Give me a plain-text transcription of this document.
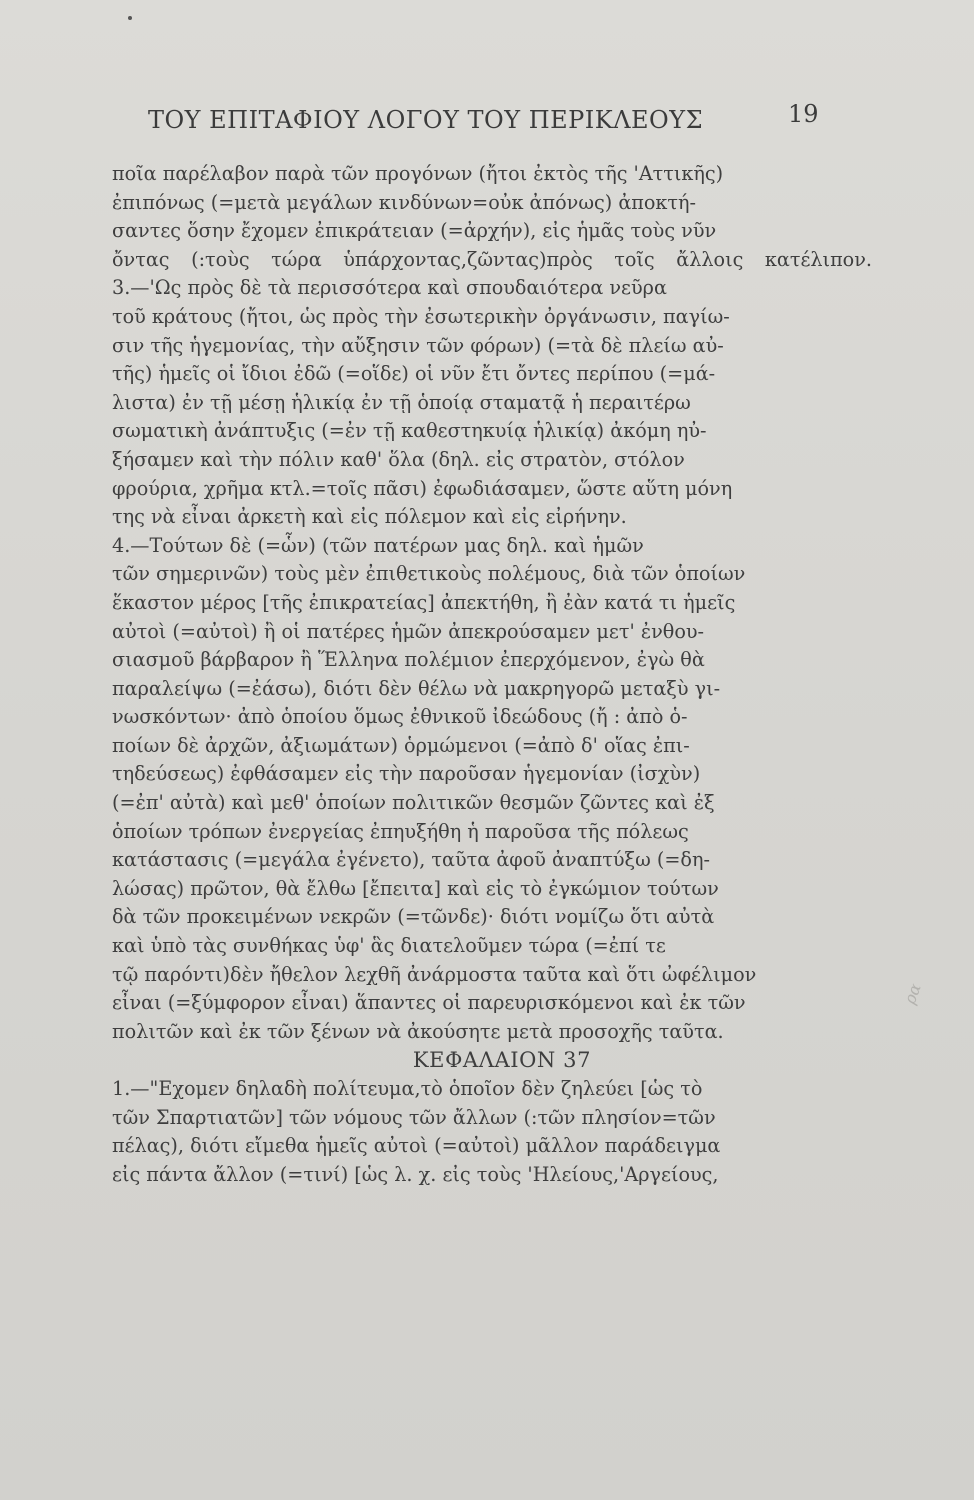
ΤΟΥ ΕΠΙΤΑΦΙΟΥ ΛΟΓΟΥ ΤΟΥ ΠΕΡΙΚΛΕΟΥΣ	19
ποῖα παρέλαβον παρὰ τῶν προγόνων (ἤτοι ἐκτὸς τῆς 'Αττικῆς)
ἐπιπόνως (=μετὰ μεγάλων κινδύνων=οὐκ ἀπόνως) ἀποκτή-
σαντες ὅσην ἔχομεν ἐπικράτειαν (=ἀρχήν), εἰς ἡμᾶς τοὺς νῦν
ὄντας (:τοὺς τώρα ὑπάρχοντας,ζῶντας)πρὸς τοῖς ἄλλοις κατέλιπον.
3.—'Ως πρὸς δὲ τὰ περισσότερα καὶ σπουδαιότερα νεῦρα
τοῦ κράτους (ἤτοι, ὡς πρὸς τὴν ἐσωτερικὴν ὀργάνωσιν, παγίω-
σιν τῆς ἡγεμονίας, τὴν αὔξησιν τῶν φόρων) (=τὰ δὲ πλείω αὐ-
τῆς) ἡμεῖς οἱ ἴδιοι ἐδῶ (=οἵδε) οἱ νῦν ἔτι ὄντες περίπου (=μά-
λιστα) ἐν τῇ μέσῃ ἡλικίᾳ ἐν τῇ ὁποίᾳ σταματᾷ ἡ περαιτέρω
σωματικὴ ἀνάπτυξις (=ἐν τῇ καθεστηκυίᾳ ἡλικίᾳ) ἀκόμη ηὐ-
ξήσαμεν καὶ τὴν πόλιν καθ' ὅλα (δηλ. εἰς στρατὸν, στόλον
φρούρια, χρῆμα κτλ.=τοῖς πᾶσι) ἐφωδιάσαμεν, ὥστε αὕτη μόνη
της νὰ εἶναι ἀρκετὴ καὶ εἰς πόλεμον καὶ εἰς εἰρήνην.
4.—Τούτων δὲ (=ὧν) (τῶν πατέρων μας δηλ. καὶ ἡμῶν
τῶν σημερινῶν) τοὺς μὲν ἐπιθετικοὺς πολέμους, διὰ τῶν ὁποίων
ἕκαστον μέρος [τῆς ἐπικρατείας] ἀπεκτήθη, ἢ ἐὰν κατά τι ἡμεῖς
αὐτοὶ (=αὐτοὶ) ἢ οἱ πατέρες ἡμῶν ἀπεκρούσαμεν μετ' ἐνθου-
σιασμοῦ βάρβαρον ἢ Ἕλληνα πολέμιον ἐπερχόμενον, ἐγὼ θὰ
παραλείψω (=ἐάσω), διότι δὲν θέλω νὰ μακρηγορῶ μεταξὺ γι-
νωσκόντων· ἀπὸ ὁποίου ὅμως ἐθνικοῦ ἰδεώδους (ἤ : ἀπὸ ὁ-
ποίων δὲ ἀρχῶν, ἀξιωμάτων) ὁρμώμενοι (=ἀπὸ δ' οἵας ἐπι-
τηδεύσεως) ἐφθάσαμεν εἰς τὴν παροῦσαν ἡγεμονίαν (ἰσχὺν)
(=ἐπ' αὐτὰ) καὶ μεθ' ὁποίων πολιτικῶν θεσμῶν ζῶντες καὶ ἐξ
ὁποίων τρόπων ἐνεργείας ἐπηυξήθη ἡ παροῦσα τῆς πόλεως
κατάστασις (=μεγάλα ἐγένετο), ταῦτα ἀφοῦ ἀναπτύξω (=δη-
λώσας) πρῶτον, θὰ ἔλθω [ἔπειτα] καὶ εἰς τὸ ἐγκώμιον τούτων
δὰ τῶν προκειμένων νεκρῶν (=τῶνδε)· διότι νομίζω ὅτι αὐτὰ
καὶ ὑπὸ τὰς συνθήκας ὑφ' ἃς διατελοῦμεν τώρα (=ἐπί τε
τῷ παρόντι)δὲν ἤθελον λεχθῆ ἀνάρμοστα ταῦτα καὶ ὅτι ὠφέλιμον
εἶναι (=ξύμφορον εἶναι) ἅπαντες οἱ παρευρισκόμενοι καὶ ἐκ τῶν
πολιτῶν καὶ ἐκ τῶν ξένων νὰ ἀκούσητε μετὰ προσοχῆς ταῦτα.
ΚΕΦΑΛΑΙΟΝ 37
1.—"Εχομεν δηλαδὴ πολίτευμα,τὸ ὁποῖον δὲν ζηλεύει [ὡς τὸ
τῶν Σπαρτιατῶν] τῶν νόμους τῶν ἄλλων (:τῶν πλησίον=τῶν
πέλας), διότι εἴμεθα ἡμεῖς αὐτοὶ (=αὐτοὶ) μᾶλλον παράδειγμα
εἰς πάντα ἄλλον (=τινί) [ὡς λ. χ. εἰς τοὺς 'Ηλείους,'Αργείους,
ρα
